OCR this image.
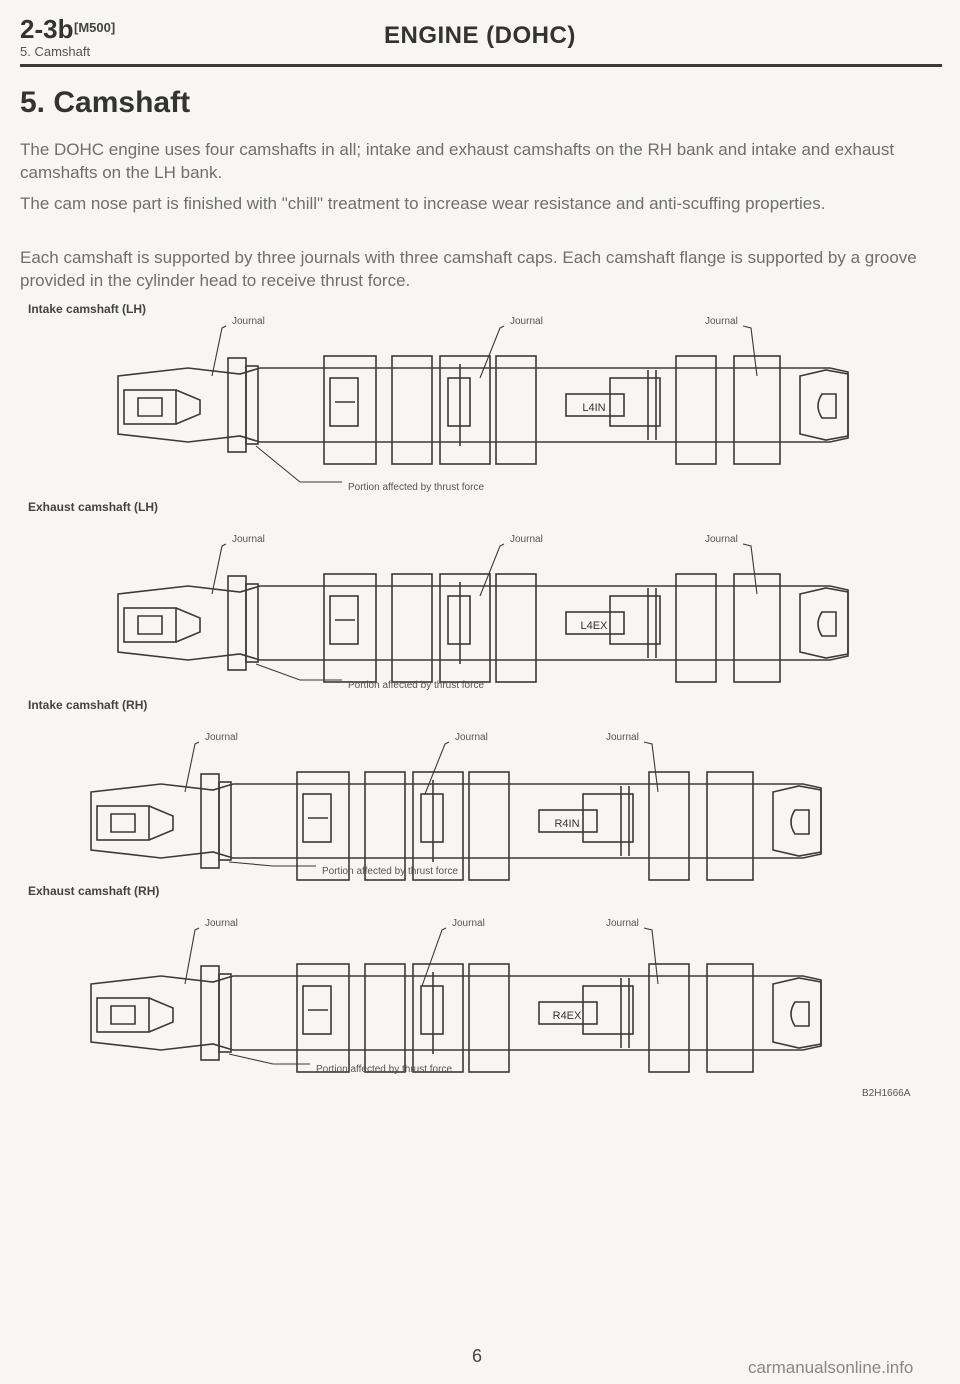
2-3b [M500]
5. Camshaft
ENGINE (DOHC)
5. Camshaft

The DOHC engine uses four camshafts in all; intake and exhaust camshafts on the RH bank and intake and exhaust camshafts on the LH bank.

The cam nose part is finished with "chill" treatment to increase wear resistance and anti-scuffing properties.

Each camshaft is supported by three journals with three camshaft caps. Each camshaft flange is supported by a groove provided in the cylinder head to receive thrust force.

Intake camshaft (LH)
Journal	Journal	Journal
Portion affected by thrust force
L4IN
Exhaust camshaft (LH)
Journal	Journal	Journal
Portion affected by thrust force
L4EX
Intake camshaft (RH)
Journal	Journal	Journal
Portion affected by thrust force
R4IN
Exhaust camshaft (RH)
Journal	Journal	Journal
Portion affected by thrust force
R4EX
B2H1666A
6
carmanualsonline.info
